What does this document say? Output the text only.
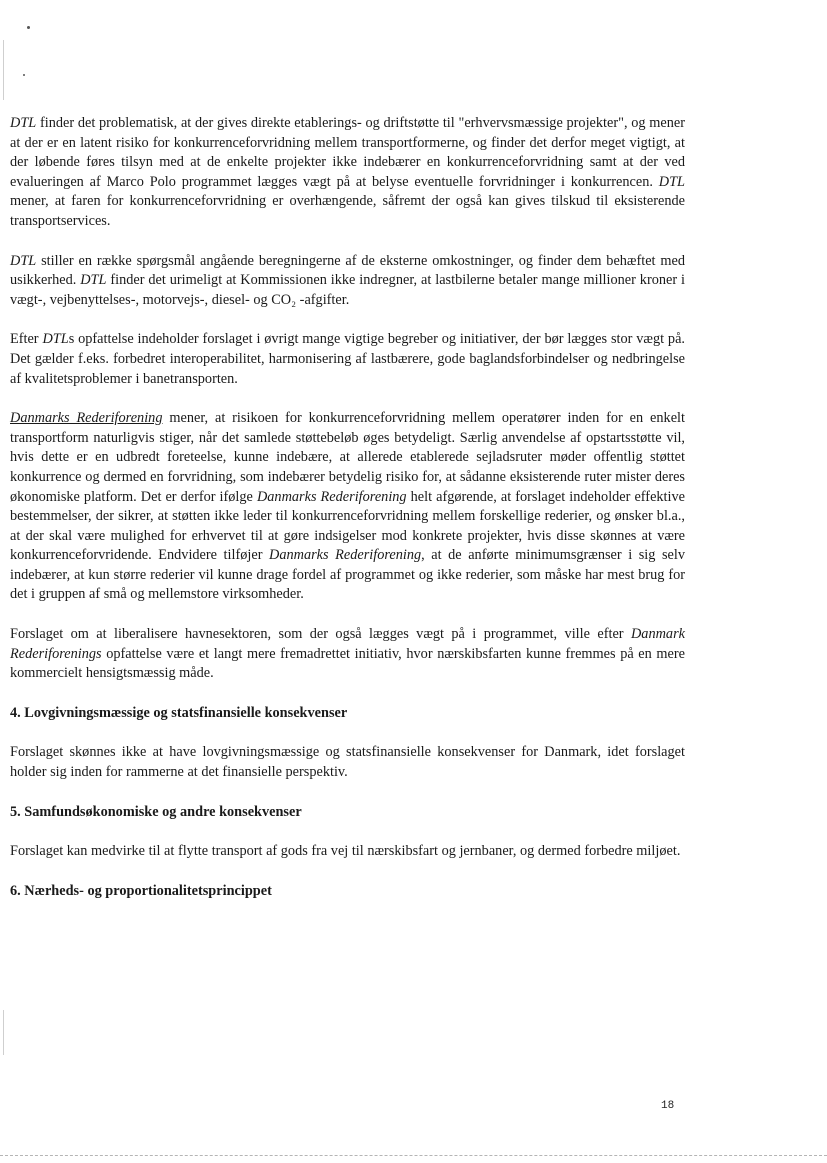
DTL finder det problematisk, at der gives direkte etablerings- og driftstøtte til "erhvervsmæssige projekter", og mener at der er en latent risiko for konkurrenceforvridning mellem transportformerne, og finder det derfor meget vigtigt, at der løbende føres tilsyn med at de enkelte projekter ikke indebærer en konkurrenceforvridning samt at der ved evalueringen af Marco Polo programmet lægges vægt på at belyse eventuelle forvridninger i konkurrencen. DTL mener, at faren for konkurrenceforvridning er overhængende, såfremt der også kan gives tilskud til eksisterende transportservices.

DTL stiller en række spørgsmål angående beregningerne af de eksterne omkostninger, og finder dem behæftet med usikkerhed. DTL finder det urimeligt at Kommissionen ikke indregner, at lastbilerne betaler mange millioner kroner i vægt-, vejbenyttelses-, motorvejs-, diesel- og CO₂ -afgifter.

Efter DTLs opfattelse indeholder forslaget i øvrigt mange vigtige begreber og initiativer, der bør lægges stor vægt på. Det gælder f.eks. forbedret interoperabilitet, harmonisering af lastbærere, gode baglandsforbindelser og nedbringelse af kvalitetsproblemer i banetransporten.

Danmarks Rederiforening mener, at risikoen for konkurrenceforvridning mellem operatører inden for en enkelt transportform naturligvis stiger, når det samlede støttebeløb øges betydeligt. Særlig anvendelse af opstartsstøtte vil, hvis dette er en udbredt foreteelse, kunne indebære, at allerede etablerede sejladsruter møder offentlig støttet konkurrence og dermed en forvridning, som indebærer betydelig risiko for, at sådanne eksisterende ruter mister deres økonomiske platform. Det er derfor ifølge Danmarks Rederiforening helt afgørende, at forslaget indeholder effektive bestemmelser, der sikrer, at støtten ikke leder til konkurrenceforvridning mellem forskellige rederier, og ønsker bl.a., at der skal være mulighed for erhvervet til at gøre indsigelser mod konkrete projekter, hvis disse skønnes at være konkurrenceforvridende. Endvidere tilføjer Danmarks Rederiforening, at de anførte minimumsgrænser i sig selv indebærer, at kun større rederier vil kunne drage fordel af programmet og ikke rederier, som måske har mest brug for det i gruppen af små og mellemstore virksomheder.

Forslaget om at liberalisere havnesektoren, som der også lægges vægt på i programmet, ville efter Danmark Rederiforenings opfattelse være et langt mere fremadrettet initiativ, hvor nærskibsfarten kunne fremmes på en mere kommercielt hensigtsmæssig måde.

4. Lovgivningsmæssige og statsfinansielle konsekvenser

Forslaget skønnes ikke at have lovgivningsmæssige og statsfinansielle konsekvenser for Danmark, idet forslaget holder sig inden for rammerne at det finansielle perspektiv.

5. Samfundsøkonomiske og andre konsekvenser

Forslaget kan medvirke til at flytte transport af gods fra vej til nærskibsfart og jernbaner, og dermed forbedre miljøet.

6. Nærheds- og proportionalitetsprincippet
18
